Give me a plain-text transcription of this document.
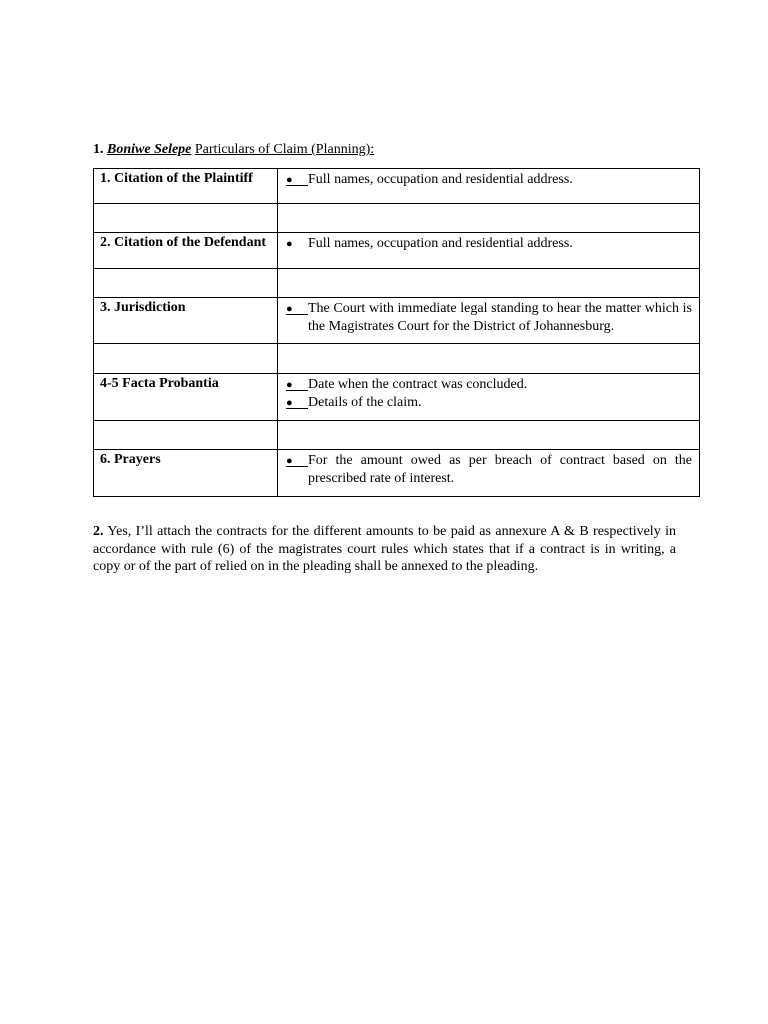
1. Boniwe Selepe Particulars of Claim (Planning):
1. Citation of the Plaintiff	● Full names, occupation and residential address.

2. Citation of the Defendant	● Full names, occupation and residential address.

3. Jurisdiction	● The Court with immediate legal standing to hear the matter which is the Magistrates Court for the District of Johannesburg.

4-5 Facta Probantia	● Date when the contract was concluded.
● Details of the claim.

6. Prayers	● For the amount owed as per breach of contract based on the prescribed rate of interest.
2. Yes, I’ll attach the contracts for the different amounts to be paid as annexure A & B respectively in accordance with rule (6) of the magistrates court rules which states that if a contract is in writing, a copy or of the part of relied on in the pleading shall be annexed to the pleading.
